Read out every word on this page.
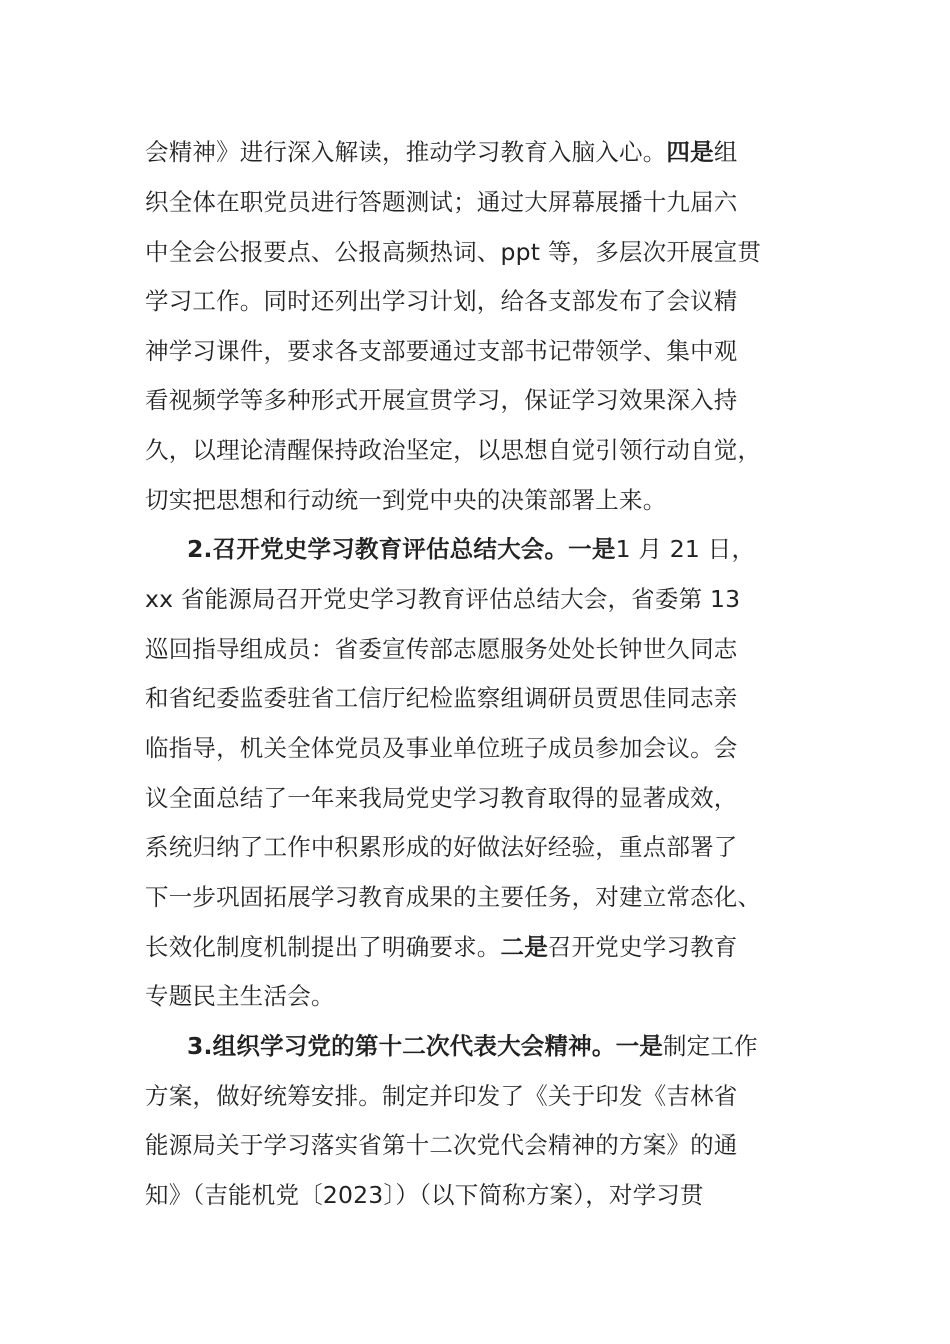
会精神》进行深入解读，推动学习教育入脑入心。四是组
织全体在职党员进行答题测试；通过大屏幕展播十九届六
中全会公报要点、公报高频热词、ppt 等，多层次开展宣贯
学习工作。同时还列出学习计划，给各支部发布了会议精
神学习课件，要求各支部要通过支部书记带领学、集中观
看视频学等多种形式开展宣贯学习，保证学习效果深入持
久，以理论清醒保持政治坚定，以思想自觉引领行动自觉，
切实把思想和行动统一到党中央的决策部署上来。
2.召开党史学习教育评估总结大会。一是1 月 21 日，
xx 省能源局召开党史学习教育评估总结大会，省委第 13
巡回指导组成员：省委宣传部志愿服务处处长钟世久同志
和省纪委监委驻省工信厅纪检监察组调研员贾思佳同志亲
临指导，机关全体党员及事业单位班子成员参加会议。会
议全面总结了一年来我局党史学习教育取得的显著成效，
系统归纳了工作中积累形成的好做法好经验，重点部署了
下一步巩固拓展学习教育成果的主要任务，对建立常态化、
长效化制度机制提出了明确要求。二是召开党史学习教育
专题民主生活会。
3.组织学习党的第十二次代表大会精神。一是制定工作
方案，做好统筹安排。制定并印发了《关于印发《吉林省
能源局关于学习落实省第十二次党代会精神的方案》的通
知》（吉能机党〔2023〕）（以下简称方案），对学习贯
